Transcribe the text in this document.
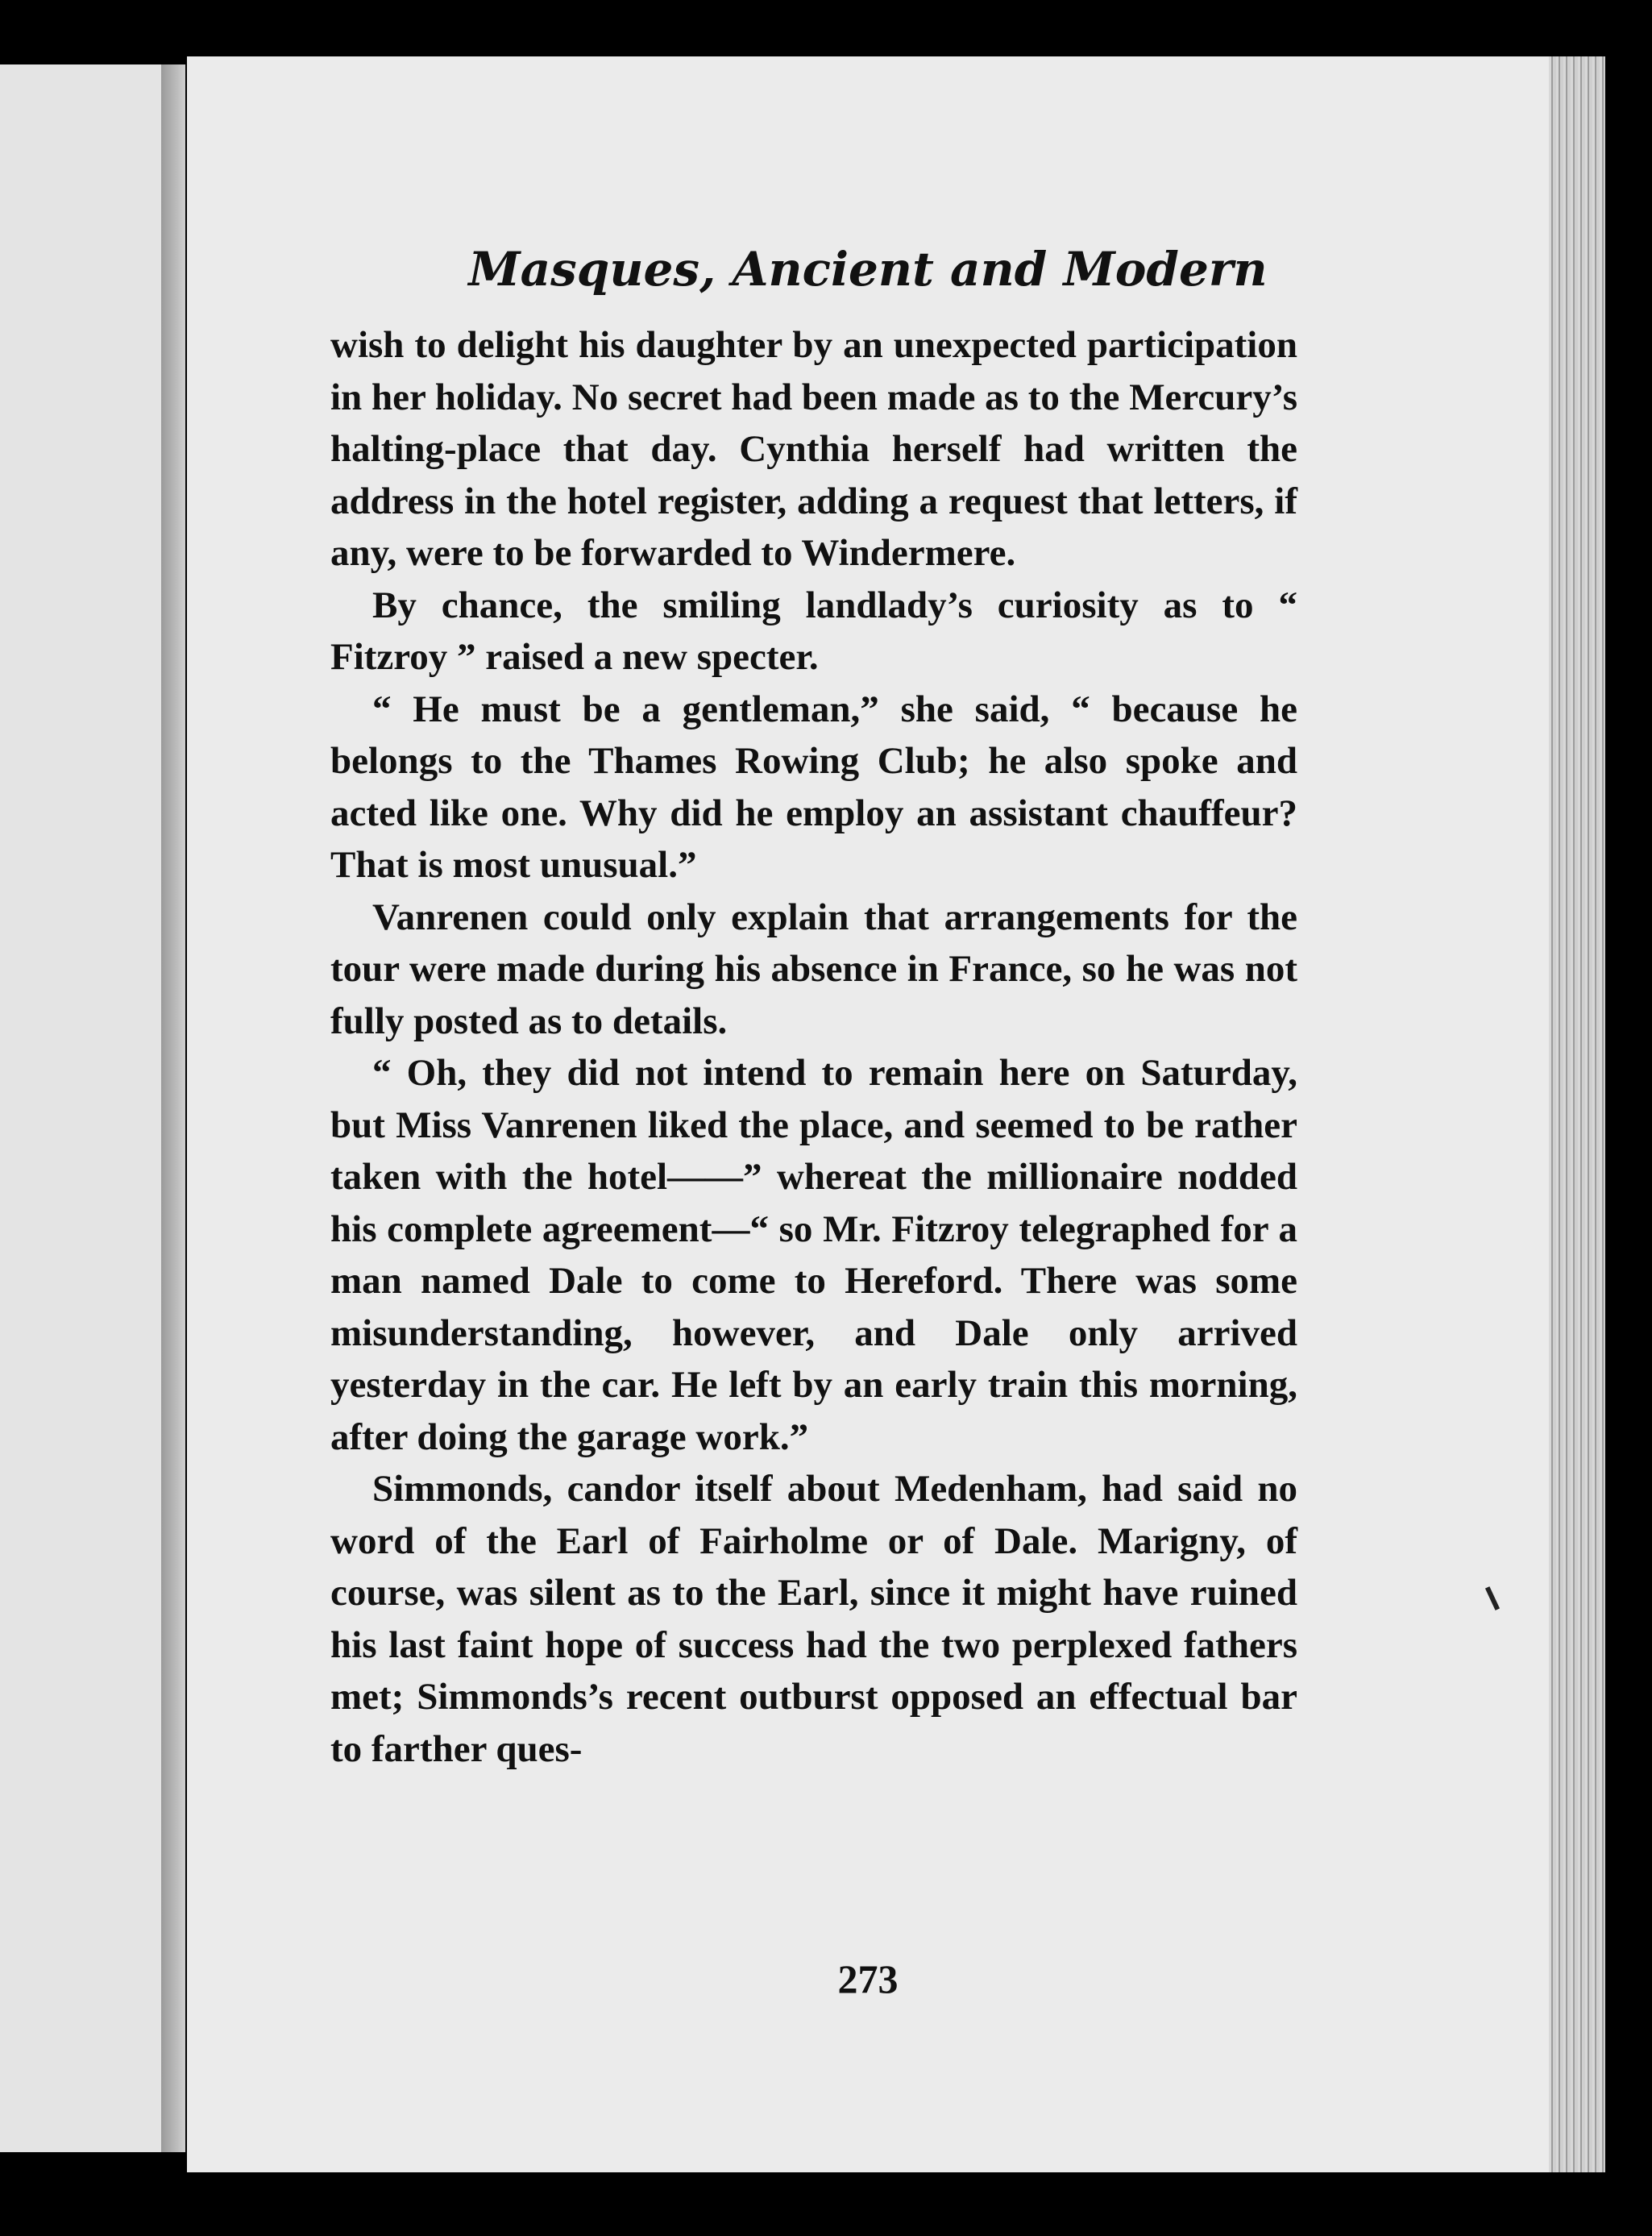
Masques, Ancient and Modern

wish to delight his daughter by an unexpected participation in her holiday. No secret had been made as to the Mercury’s halting-place that day. Cynthia herself had written the address in the hotel register, adding a request that letters, if any, were to be forwarded to Windermere.

By chance, the smiling landlady’s curiosity as to “ Fitzroy ” raised a new specter.

“ He must be a gentleman,” she said, “ because he belongs to the Thames Rowing Club; he also spoke and acted like one. Why did he employ an assistant chauffeur? That is most unusual.”

Vanrenen could only explain that arrangements for the tour were made during his absence in France, so he was not fully posted as to details.

“ Oh, they did not intend to remain here on Saturday, but Miss Vanrenen liked the place, and seemed to be rather taken with the hotel——” whereat the millionaire nodded his complete agreement—“ so Mr. Fitzroy telegraphed for a man named Dale to come to Hereford. There was some misunderstanding, however, and Dale only arrived yesterday in the car. He left by an early train this morning, after doing the garage work.”

Simmonds, candor itself about Medenham, had said no word of the Earl of Fairholme or of Dale. Marigny, of course, was silent as to the Earl, since it might have ruined his last faint hope of success had the two perplexed fathers met; Simmonds’s recent outburst opposed an effectual bar to farther ques-

273
